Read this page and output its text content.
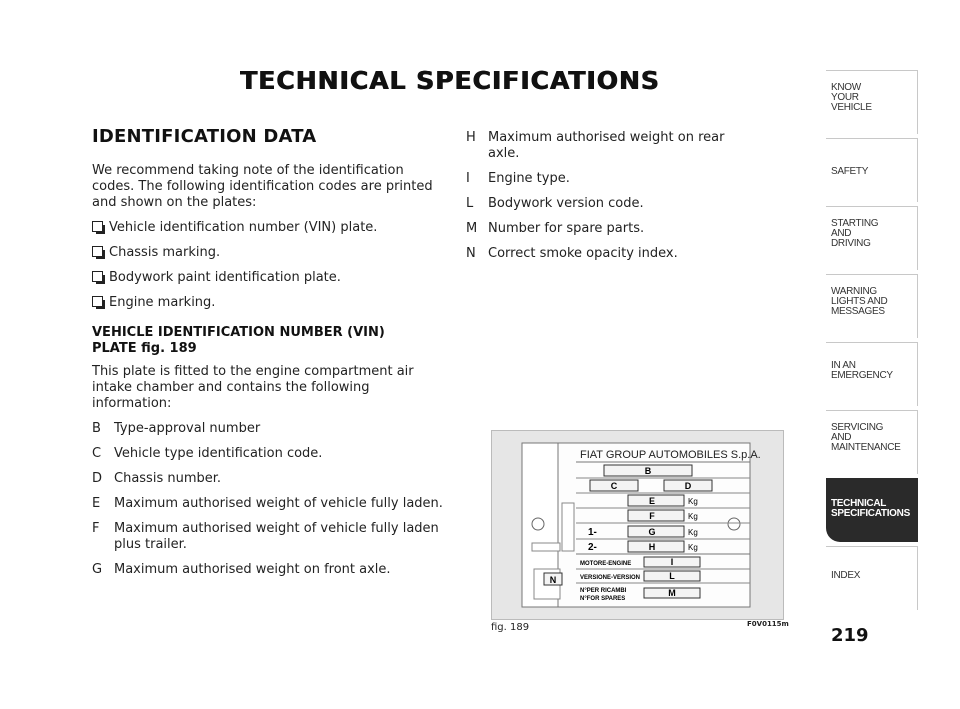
TECHNICAL SPECIFICATIONS
IDENTIFICATION DATA

We recommend taking note of the identification codes. The following identification codes are printed and shown on the plates:

Vehicle identification number (VIN) plate.
Chassis marking.
Bodywork paint identification plate.
Engine marking.
VEHICLE IDENTIFICATION NUMBER (VIN)
PLATE fig. 189

This plate is fitted to the engine compartment air intake chamber and contains the following information:

B	Type-approval number
C Vehicle type identification code.
D Chassis number.
E	Maximum authorised weight of vehicle fully laden.
F	Maximum authorised weight of vehicle fully laden plus trailer.
G Maximum authorised weight on front axle.
H Maximum authorised weight on rear axle.
I	Engine type.
L	Bodywork version code.
M Number for spare parts.
N Correct smoke opacity index.
N
FIAT GROUP AUTOMOBILES S.p.A.
B
C	D
E	Kg
F	Kg
1-	G	Kg
2-	H	Kg
MOTORE-ENGINE	I
VERSIONE-VERSION	L
N°PER RICAMBI
N°FOR SPARES
M
fig. 189	F0V0115m
KNOW
YOUR
VEHICLE
SAFETY
STARTING
AND
DRIVING
WARNING
LIGHTS AND
MESSAGES
IN AN
EMERGENCY
SERVICING
AND
MAINTENANCE
TECHNICAL
SPECIFICATIONS
INDEX
219
